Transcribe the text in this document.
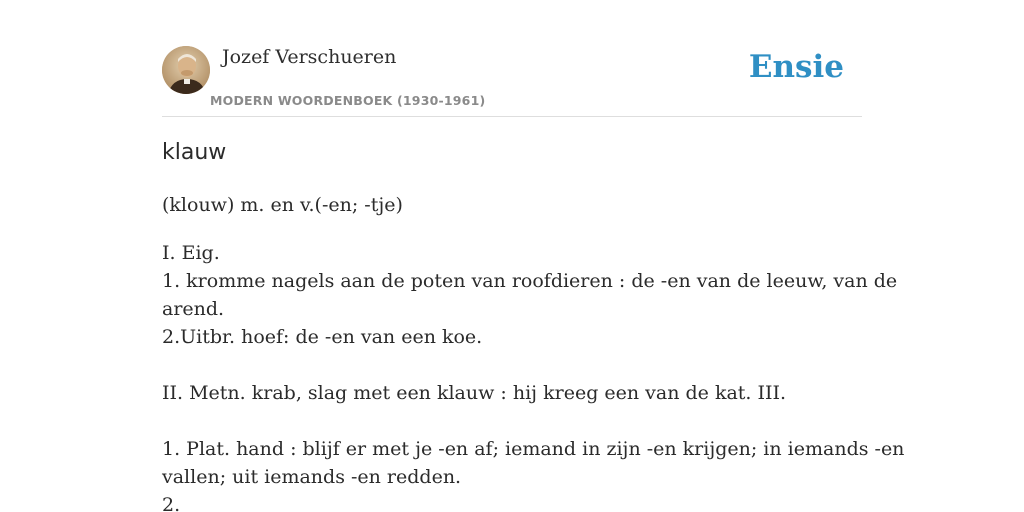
Jozef Verschueren
MODERN WOORDENBOEK (1930-1961)
Ensie
klauw
(klouw) m. en v.(-en; -tje)
I. Eig.
1. kromme nagels aan de poten van roofdieren : de -en van de leeuw, van de
arend.
2.Uitbr. hoef: de -en van een koe.
II. Metn. krab, slag met een klauw : hij kreeg een van de kat. III.
1. Plat. hand : blijf er met je -en af; iemand in zijn -en krijgen; in iemands -en
vallen; uit iemands -en redden.
2.
